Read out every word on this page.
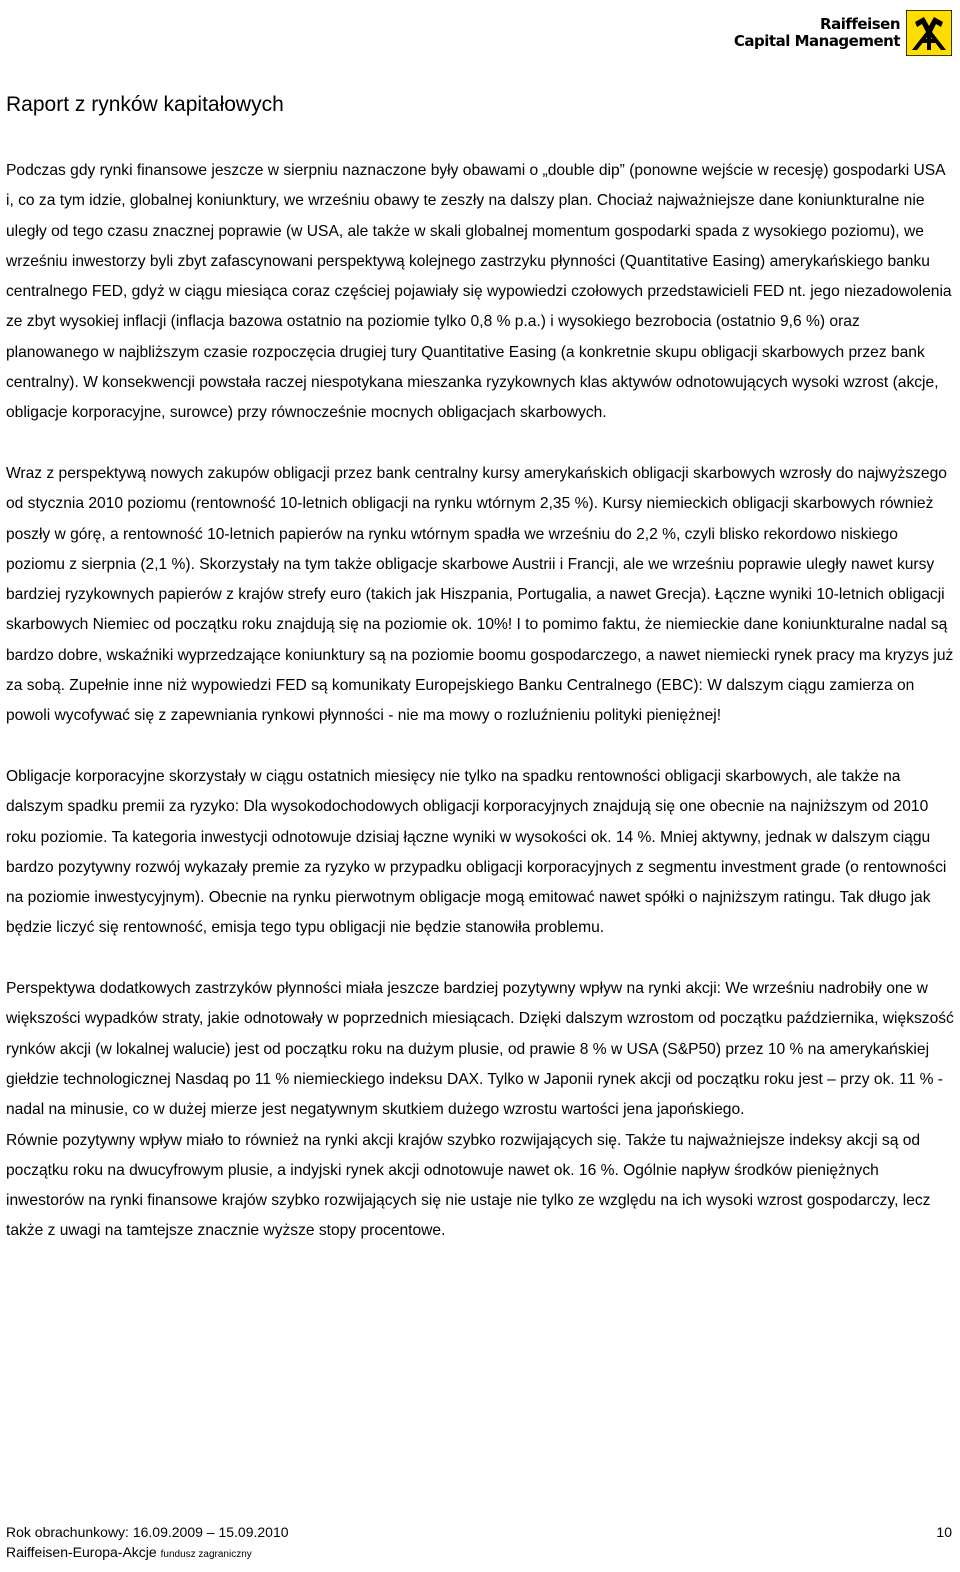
Raiffeisen
Capital Management
Raport z rynków kapitałowych

Podczas gdy rynki finansowe jeszcze w sierpniu naznaczone były obawami o „double dip” (ponowne wejście w recesję) gospodarki USA i, co za tym idzie, globalnej koniunktury, we wrześniu obawy te zeszły na dalszy plan. Chociaż najważniejsze dane koniunkturalne nie uległy od tego czasu znacznej poprawie (w USA, ale także w skali globalnej momentum gospodarki spada z wysokiego poziomu), we wrześniu inwestorzy byli zbyt zafascynowani perspektywą kolejnego zastrzyku płynności (Quantitative Easing) amerykańskiego banku centralnego FED, gdyż w ciągu miesiąca coraz częściej pojawiały się wypowiedzi czołowych przedstawicieli FED nt. jego niezadowolenia ze zbyt wysokiej inflacji (inflacja bazowa ostatnio na poziomie tylko 0,8 % p.a.) i wysokiego bezrobocia (ostatnio 9,6 %) oraz planowanego w najbliższym czasie rozpoczęcia drugiej tury Quantitative Easing (a konkretnie skupu obligacji skarbowych przez bank centralny). W konsekwencji powstała raczej niespotykana mieszanka ryzykownych klas aktywów odnotowujących wysoki wzrost (akcje, obligacje korporacyjne, surowce) przy równocześnie mocnych obligacjach skarbowych.

Wraz z perspektywą nowych zakupów obligacji przez bank centralny kursy amerykańskich obligacji skarbowych wzrosły do najwyższego od stycznia 2010 poziomu (rentowność 10-letnich obligacji na rynku wtórnym 2,35 %). Kursy niemieckich obligacji skarbowych również poszły w górę, a rentowność 10-letnich papierów na rynku wtórnym spadła we wrześniu do 2,2 %, czyli blisko rekordowo niskiego poziomu z sierpnia (2,1 %). Skorzystały na tym także obligacje skarbowe Austrii i Francji, ale we wrześniu poprawie uległy nawet kursy bardziej ryzykownych papierów z krajów strefy euro (takich jak Hiszpania, Portugalia, a nawet Grecja). Łączne wyniki 10-letnich obligacji skarbowych Niemiec od początku roku znajdują się na poziomie ok. 10%! I to pomimo faktu, że niemieckie dane koniunkturalne nadal są bardzo dobre, wskaźniki wyprzedzające koniunktury są na poziomie boomu gospodarczego, a nawet niemiecki rynek pracy ma kryzys już za sobą. Zupełnie inne niż wypowiedzi FED są komunikaty Europejskiego Banku Centralnego (EBC): W dalszym ciągu zamierza on powoli wycofywać się z zapewniania rynkowi płynności - nie ma mowy o rozluźnieniu polityki pieniężnej!

Obligacje korporacyjne skorzystały w ciągu ostatnich miesięcy nie tylko na spadku rentowności obligacji skarbowych, ale także na dalszym spadku premii za ryzyko: Dla wysokodochodowych obligacji korporacyjnych znajdują się one obecnie na najniższym od 2010 roku poziomie. Ta kategoria inwestycji odnotowuje dzisiaj łączne wyniki w wysokości ok. 14 %. Mniej aktywny, jednak w dalszym ciągu bardzo pozytywny rozwój wykazały premie za ryzyko w przypadku obligacji korporacyjnych z segmentu investment grade (o rentowności na poziomie inwestycyjnym). Obecnie na rynku pierwotnym obligacje mogą emitować nawet spółki o najniższym ratingu. Tak długo jak będzie liczyć się rentowność, emisja tego typu obligacji nie będzie stanowiła problemu.

Perspektywa dodatkowych zastrzyków płynności miała jeszcze bardziej pozytywny wpływ na rynki akcji: We wrześniu nadrobiły one w większości wypadków straty, jakie odnotowały w poprzednich miesiącach. Dzięki dalszym wzrostom od początku października, większość rynków akcji (w lokalnej walucie) jest od początku roku na dużym plusie, od prawie 8 % w USA (S&P50) przez 10 % na amerykańskiej giełdzie technologicznej Nasdaq po 11 % niemieckiego indeksu DAX. Tylko w Japonii rynek akcji od początku roku jest – przy ok. 11 % - nadal na minusie, co w dużej mierze jest negatywnym skutkiem dużego wzrostu wartości jena japońskiego.

Równie pozytywny wpływ miało to również na rynki akcji krajów szybko rozwijających się. Także tu najważniejsze indeksy akcji są od początku roku na dwucyfrowym plusie, a indyjski rynek akcji odnotowuje nawet ok. 16 %. Ogólnie napływ środków pieniężnych inwestorów na rynki finansowe krajów szybko rozwijających się nie ustaje nie tylko ze względu na ich wysoki wzrost gospodarczy, lecz także z uwagi na tamtejsze znacznie wyższe stopy procentowe.

Rok obrachunkowy: 16.09.2009 – 15.09.2010	10
Raiffeisen-Europa-Akcje fundusz zagraniczny
